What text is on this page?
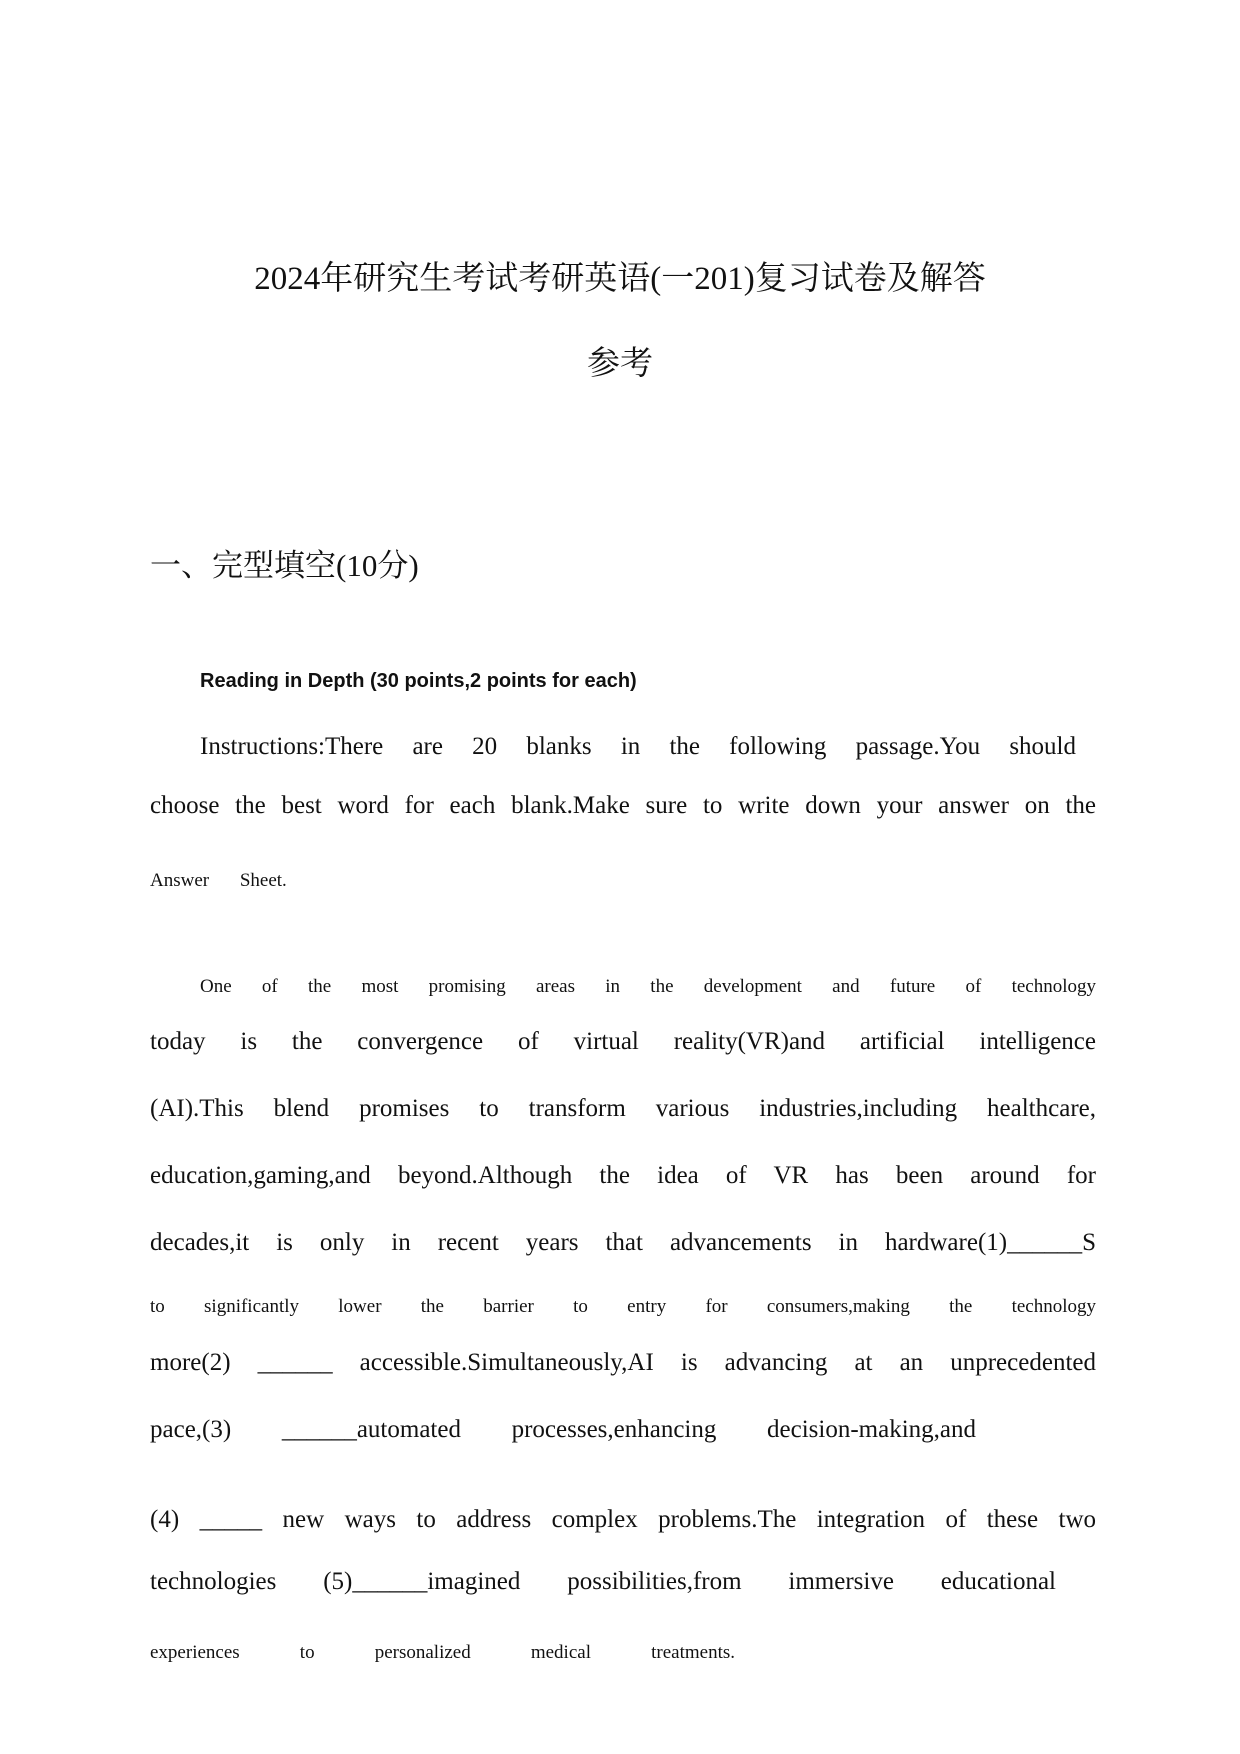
2024年研究生考试考研英语(一201)复习试卷及解答
参考
一、完型填空(10分)
Reading in Depth (30 points,2 points for each)
Instructions:There are 20 blanks in the following passage.You should
choose the best word for each blank.Make sure to write down your answer on the
Answer Sheet.
One of the most promising areas in the development and future of technology
today is the convergence of virtual reality(VR)and artificial intelligence
(AI).This blend promises to transform various industries,including healthcare,
education,gaming,and beyond.Although the idea of VR has been around for
decades,it is only in recent years that advancements in hardware(1)______S
to significantly lower the barrier to entry for consumers,making the technology
more(2) ______ accessible.Simultaneously,AI is advancing at an unprecedented
pace,(3) ______automated processes,enhancing decision-making,and
(4) _____ new ways to address complex problems.The integration of these two
technologies (5)______imagined possibilities,from immersive educational
experiences to personalized medical treatments.
